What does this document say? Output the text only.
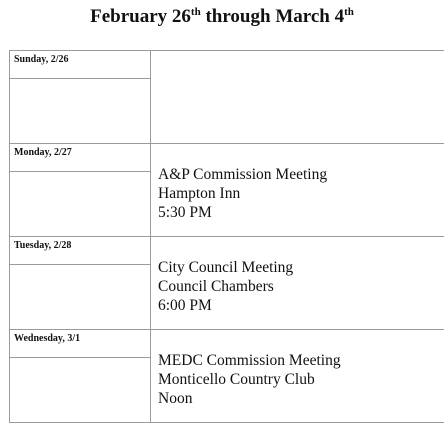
February 26th through March 4th
Sunday, 2/26
Monday, 2/27
A&P Commission Meeting
Hampton Inn
5:30 PM
Tuesday, 2/28
City Council Meeting
Council Chambers
6:00 PM
Wednesday, 3/1
MEDC Commission Meeting
Monticello Country Club
Noon
